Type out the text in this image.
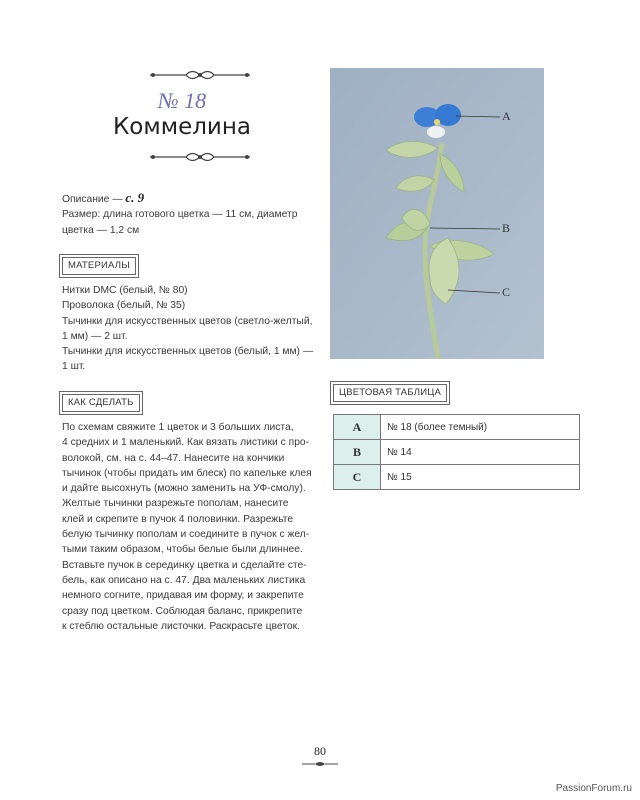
№ 18
Коммелина

Описание — с. 9

Размер: длина готового цветка — 11 см, диаметр

цветка — 1,2 см

МАТЕРИАЛЫ

Нитки DMC (белый, № 80)

Проволока (белый, № 35)

Тычинки для искусственных цветов (светло-желтый,

1 мм) — 2 шт.

Тычинки для искусственных цветов (белый, 1 мм) —

1 шт.

КАК СДЕЛАТЬ

По схемам свяжите 1 цветок и 3 больших листа,

4 средних и 1 маленький. Как вязать листики с про-

волокой, см. на с. 44–47. Нанесите на кончики

тычинок (чтобы придать им блеск) по капельке клея

и дайте высохнуть (можно заменить на УФ-смолу).

Желтые тычинки разрежьте пополам, нанесите

клей и скрепите в пучок 4 половинки. Разрежьте

белую тычинку пополам и соедините в пучок с жел-

тыми таким образом, чтобы белые были длиннее.

Вставьте пучок в серединку цветка и сделайте сте-

бель, как описано на с. 47. Два маленьких листика

немного согните, придавая им форму, и закрепите

сразу под цветком. Соблюдая баланс, прикрепите

к стеблю остальные листочки. Раскрасьте цветок.

A
B
C
ЦВЕТОВАЯ ТАБЛИЦА
A	№ 18 (более темный)
B	№ 14
C	№ 15
80
PassionForum.ru
